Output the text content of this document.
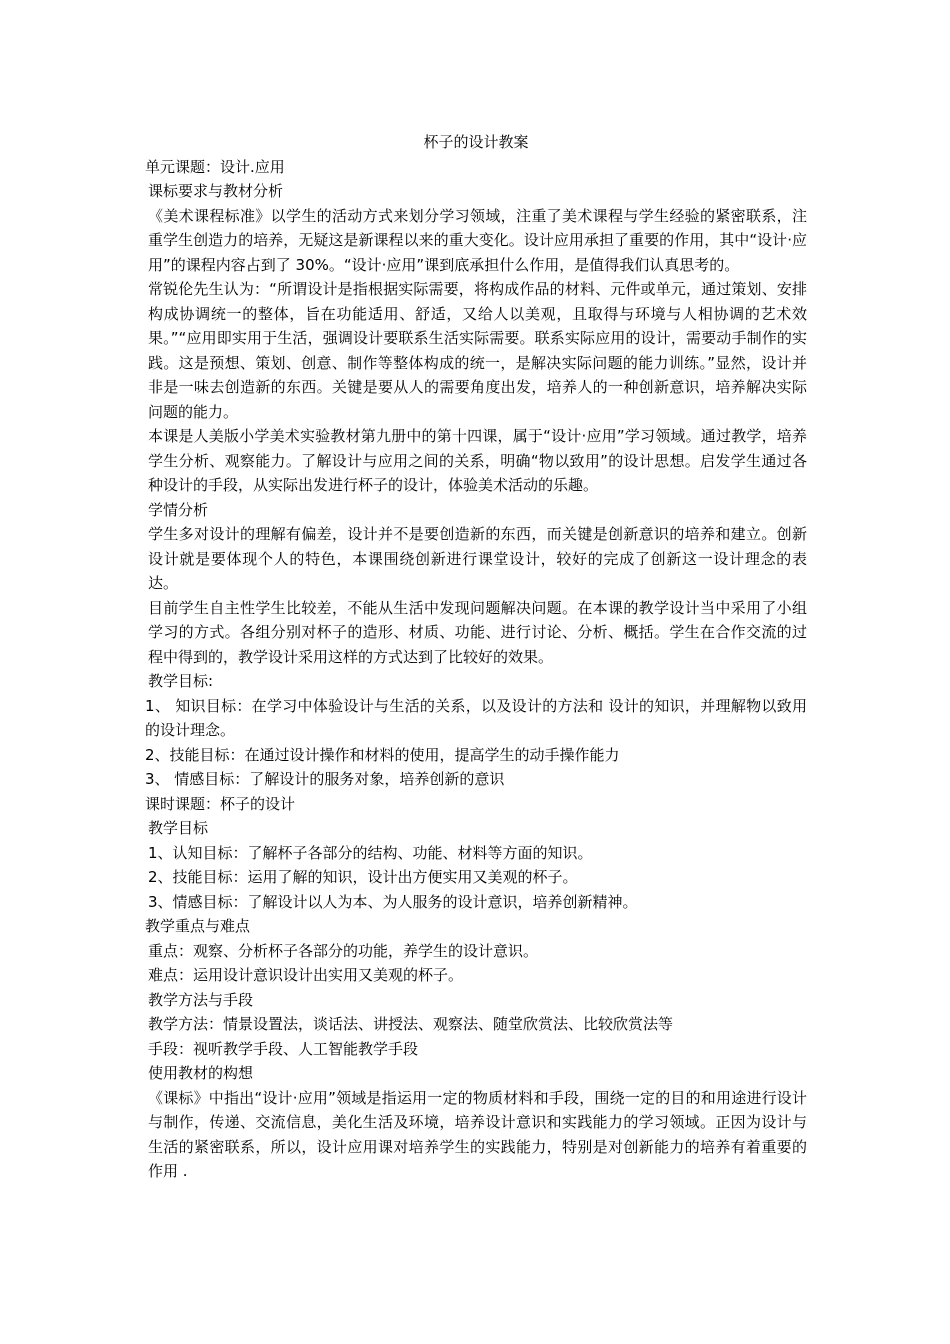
杯子的设计教案

单元课题：设计.应用

课标要求与教材分析

《美术课程标准》以学生的活动方式来划分学习领域，注重了美术课程与学生经验的紧密联系，注重学生创造力的培养，无疑这是新课程以来的重大变化。设计应用承担了重要的作用，其中“设计·应用”的课程内容占到了 30%。“设计·应用”课到底承担什么作用，是值得我们认真思考的。

常锐伦先生认为：“所谓设计是指根据实际需要，将构成作品的材料、元件或单元，通过策划、安排构成协调统一的整体，旨在功能适用、舒适，又给人以美观，且取得与环境与人相协调的艺术效果。”“应用即实用于生活，强调设计要联系生活实际需要。联系实际应用的设计，需要动手制作的实践。这是预想、策划、创意、制作等整体构成的统一，是解决实际问题的能力训练。”显然，设计并非是一味去创造新的东西。关键是要从人的需要角度出发，培养人的一种创新意识，培养解决实际问题的能力。

本课是人美版小学美术实验教材第九册中的第十四课，属于“设计·应用”学习领域。通过教学，培养学生分析、观察能力。了解设计与应用之间的关系，明确“物以致用”的设计思想。启发学生通过各种设计的手段，从实际出发进行杯子的设计，体验美术活动的乐趣。

学情分析

学生多对设计的理解有偏差，设计并不是要创造新的东西，而关键是创新意识的培养和建立。创新设计就是要体现个人的特色，本课围绕创新进行课堂设计，较好的完成了创新这一设计理念的表达。

目前学生自主性学生比较差，不能从生活中发现问题解决问题。在本课的教学设计当中采用了小组学习的方式。各组分别对杯子的造形、材质、功能、进行讨论、分析、概括。学生在合作交流的过程中得到的，教学设计采用这样的方式达到了比较好的效果。

教学目标:

1、 知识目标：在学习中体验设计与生活的关系，以及设计的方法和 设计的知识，并理解物以致用的设计理念。

2、技能目标：在通过设计操作和材料的使用，提高学生的动手操作能力

3、 情感目标：了解设计的服务对象，培养创新的意识

课时课题：杯子的设计

教学目标

1、认知目标：了解杯子各部分的结构、功能、材料等方面的知识。

2、技能目标：运用了解的知识，设计出方便实用又美观的杯子。

3、情感目标：了解设计以人为本、为人服务的设计意识，培养创新精神。

教学重点与难点

重点：观察、分析杯子各部分的功能，养学生的设计意识。

难点：运用设计意识设计出实用又美观的杯子。

教学方法与手段

教学方法：情景设置法，谈话法、讲授法、观察法、随堂欣赏法、比较欣赏法等

手段：视听教学手段、人工智能教学手段

使用教材的构想

《课标》中指出“设计·应用”领域是指运用一定的物质材料和手段，围绕一定的目的和用途进行设计与制作，传递、交流信息，美化生活及环境，培养设计意识和实践能力的学习领域。正因为设计与生活的紧密联系，所以，设计应用课对培养学生的实践能力，特别是对创新能力的培养有着重要的作用 .
